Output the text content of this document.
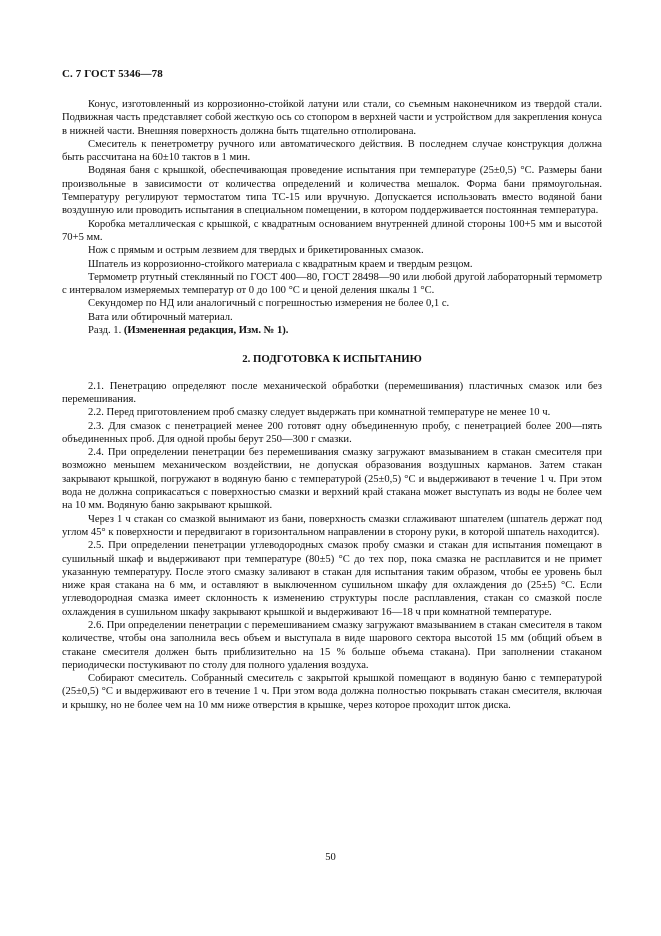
С. 7 ГОСТ 5346—78

Конус, изготовленный из коррозионно-стойкой латуни или стали, со съемным наконечником из твердой стали. Подвижная часть представляет собой жесткую ось со стопором в верхней части и устройством для закрепления конуса в нижней части. Внешняя поверхность должна быть тщательно отполирована.

Смеситель к пенетрометру ручного или автоматического действия. В последнем случае конструкция должна быть рассчитана на 60±10 тактов в 1 мин.

Водяная баня с крышкой, обеспечивающая проведение испытания при температуре (25±0,5) °С. Размеры бани произвольные в зависимости от количества определений и количества мешалок. Форма бани прямоугольная. Температуру регулируют термостатом типа ТС-15 или вручную. Допускается использовать вместо водяной бани воздушную или проводить испытания в специальном помещении, в котором поддерживается постоянная температура.

Коробка металлическая с крышкой, с квадратным основанием внутренней длиной стороны 100+5 мм и высотой 70+5 мм.

Нож с прямым и острым лезвием для твердых и брикетированных смазок.

Шпатель из коррозионно-стойкого материала с квадратным краем и твердым резцом.

Термометр ртутный стеклянный по ГОСТ 400—80, ГОСТ 28498—90 или любой другой лабораторный термометр с интервалом измеряемых температур от 0 до 100 °С и ценой деления шкалы 1 °С.

Секундомер по НД или аналогичный с погрешностью измерения не более 0,1 с.

Вата или обтирочный материал.

Разд. 1. (Измененная редакция, Изм. № 1).

2. ПОДГОТОВКА К ИСПЫТАНИЮ

2.1. Пенетрацию определяют после механической обработки (перемешивания) пластичных смазок или без перемешивания.

2.2. Перед приготовлением проб смазку следует выдержать при комнатной температуре не менее 10 ч.

2.3. Для смазок с пенетрацией менее 200 готовят одну объединенную пробу, с пенетрацией более 200—пять объединенных проб. Для одной пробы берут 250—300 г смазки.

2.4. При определении пенетрации без перемешивания смазку загружают вмазыванием в стакан смесителя при возможно меньшем механическом воздействии, не допуская образования воздушных карманов. Затем стакан закрывают крышкой, погружают в водяную баню с температурой (25±0,5) °С и выдерживают в течение 1 ч. При этом вода не должна соприкасаться с поверхностью смазки и верхний край стакана может выступать из воды не более чем на 10 мм. Водяную баню закрывают крышкой.

Через 1 ч стакан со смазкой вынимают из бани, поверхность смазки сглаживают шпателем (шпатель держат под углом 45° к поверхности и передвигают в горизонтальном направлении в сторону руки, в которой шпатель находится).

2.5. При определении пенетрации углеводородных смазок пробу смазки и стакан для испытания помещают в сушильный шкаф и выдерживают при температуре (80±5) °С до тех пор, пока смазка не расплавится и не примет указанную температуру. После этого смазку заливают в стакан для испытания таким образом, чтобы ее уровень был ниже края стакана на 6 мм, и оставляют в выключенном сушильном шкафу для охлаждения до (25±5) °С. Если углеводородная смазка имеет склонность к изменению структуры после расплавления, стакан со смазкой после охлаждения в сушильном шкафу закрывают крышкой и выдерживают 16—18 ч при комнатной температуре.

2.6. При определении пенетрации с перемешиванием смазку загружают вмазыванием в стакан смесителя в таком количестве, чтобы она заполнила весь объем и выступала в виде шарового сектора высотой 15 мм (общий объем в стакане смесителя должен быть приблизительно на 15 % больше объема стакана). При заполнении стаканом периодически постукивают по столу для полного удаления воздуха.

Собирают смеситель. Собранный смеситель с закрытой крышкой помещают в водяную баню с температурой (25±0,5) °С и выдерживают его в течение 1 ч. При этом вода должна полностью покрывать стакан смесителя, включая и крышку, но не более чем на 10 мм ниже отверстия в крышке, через которое проходит шток диска.

50
